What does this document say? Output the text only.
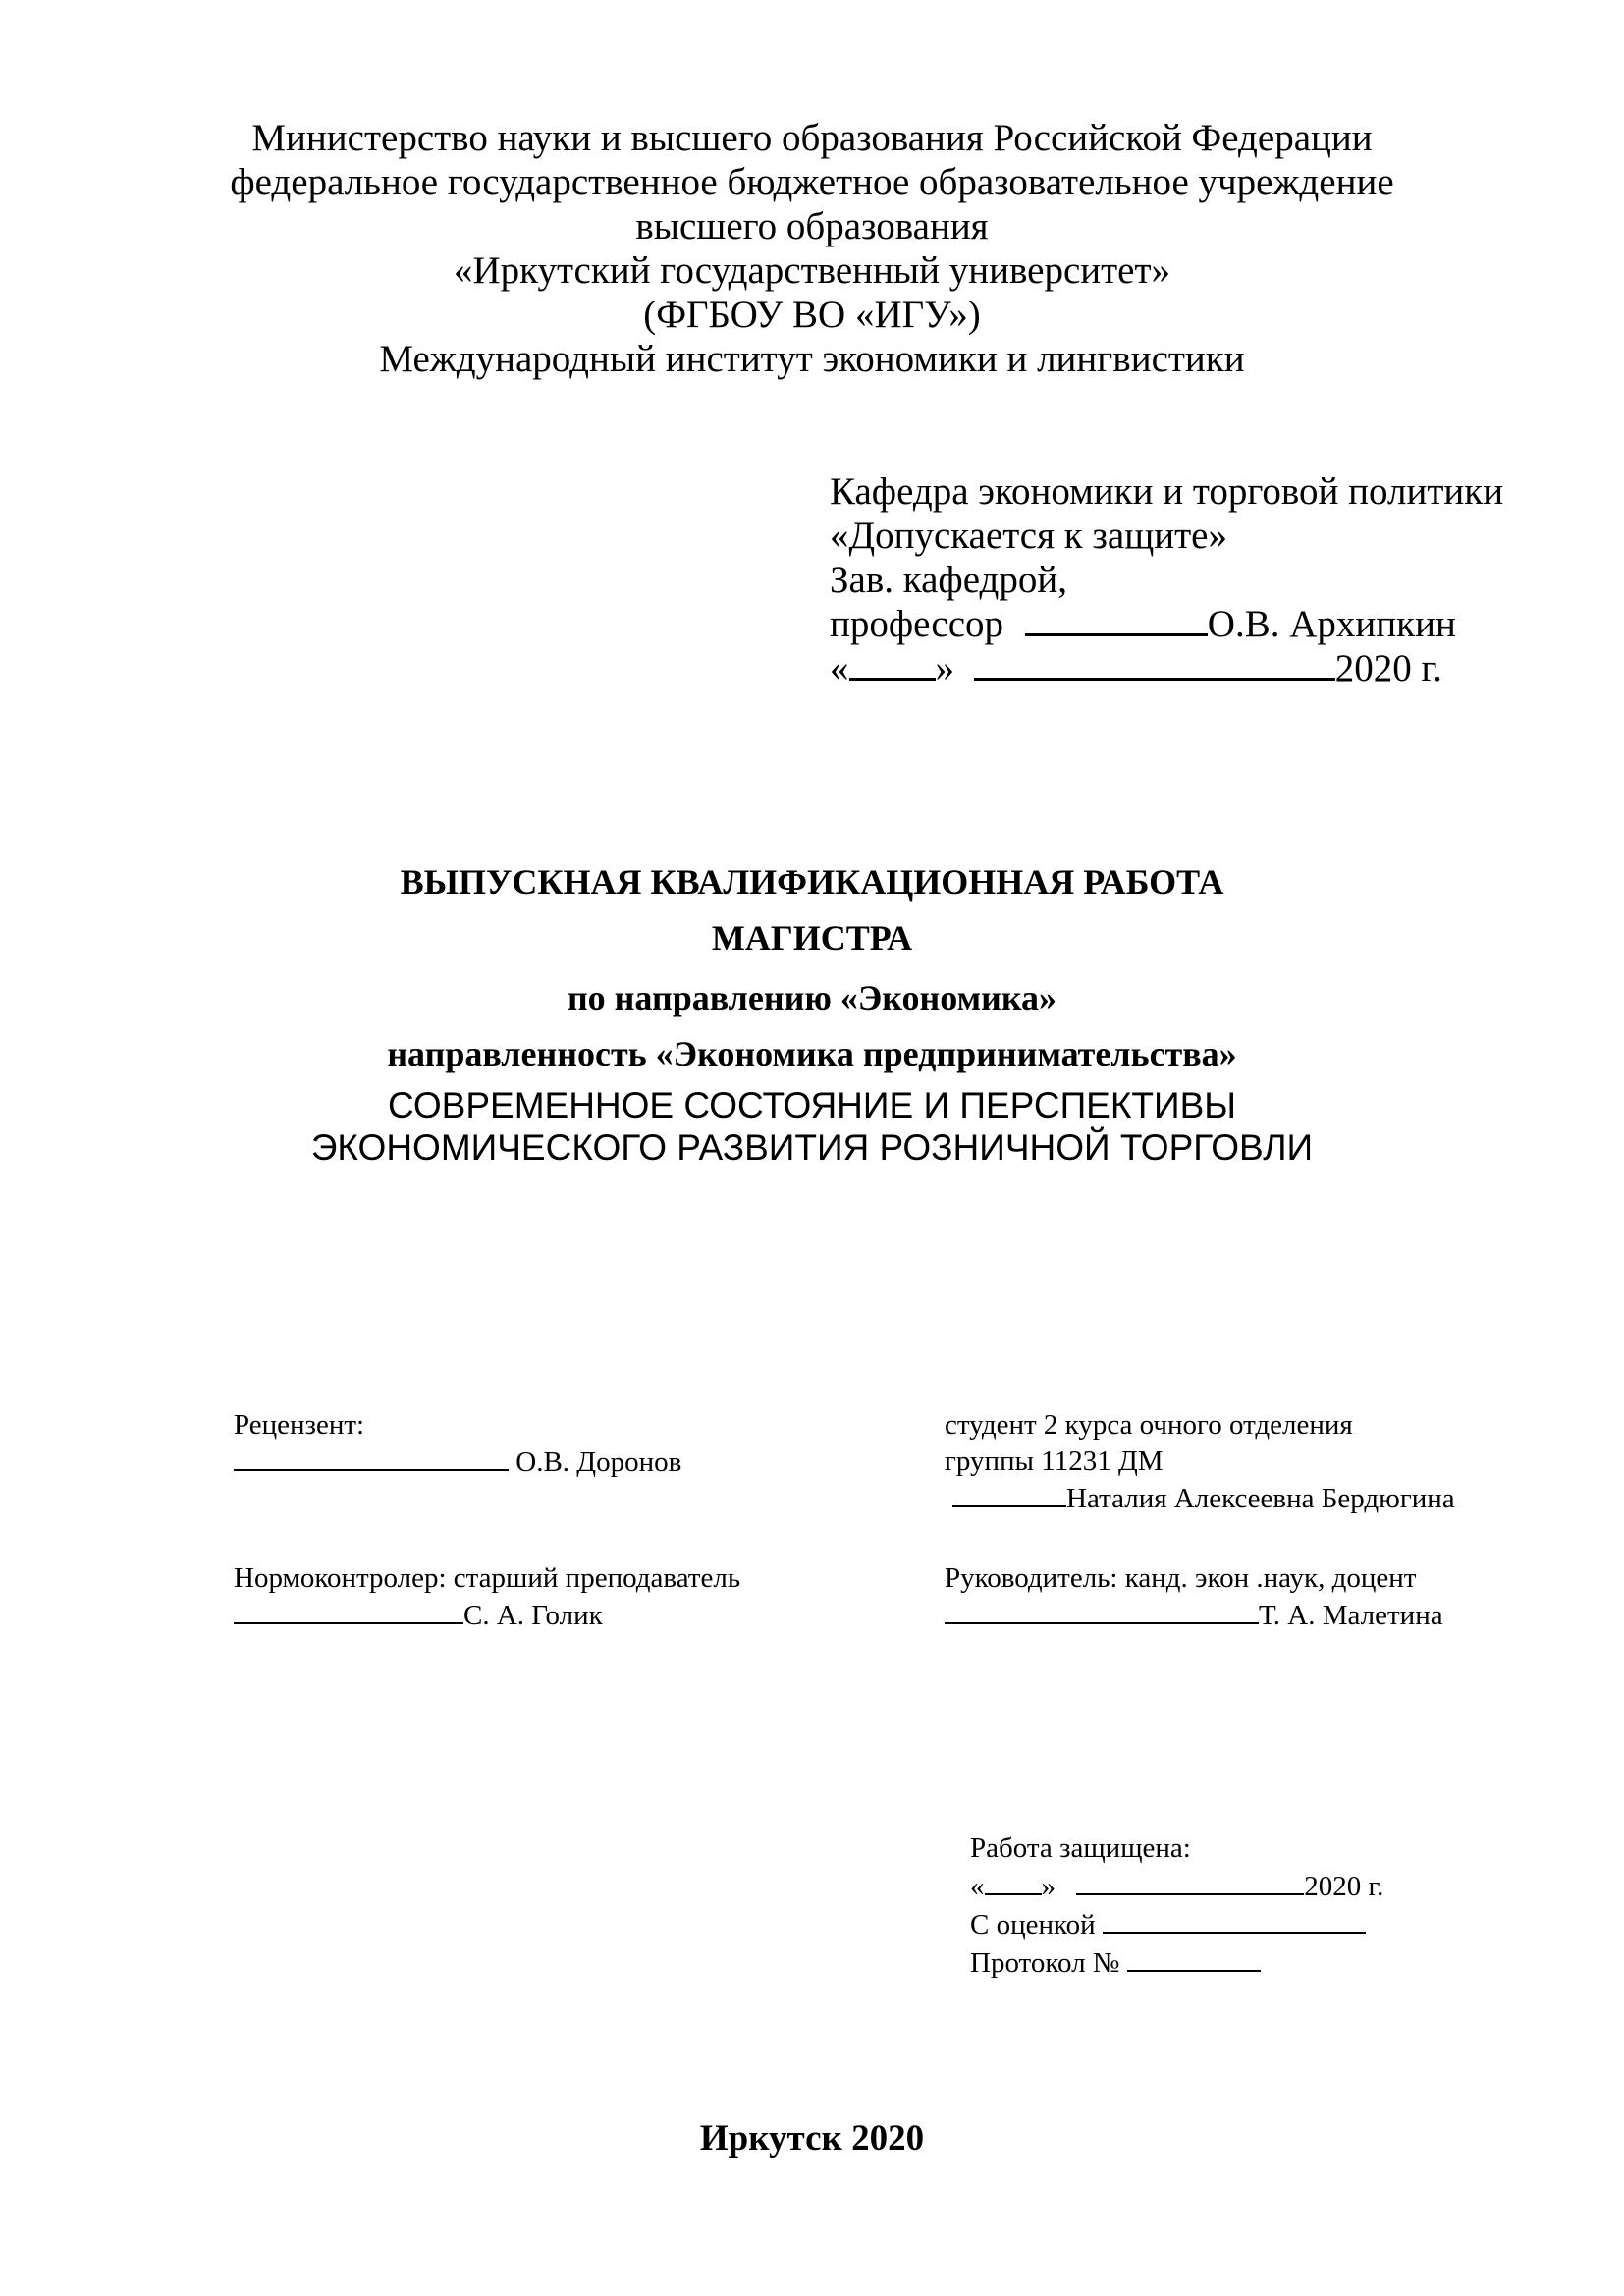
Министерство науки и высшего образования Российской Федерации
федеральное государственное бюджетное образовательное учреждение
высшего образования
«Иркутский государственный университет»
(ФГБОУ ВО «ИГУ»)
Международный институт экономики и лингвистики
Кафедра экономики и торговой политики
«Допускается к защите»
Зав. кафедрой,
профессор	О.В. Архипкин
« »	2020 г.
ВЫПУСКНАЯ КВАЛИФИКАЦИОННАЯ РАБОТА
МАГИСТРА
по направлению «Экономика»
направленность «Экономика предпринимательства»
СОВРЕМЕННОЕ СОСТОЯНИЕ И ПЕРСПЕКТИВЫ
ЭКОНОМИЧЕСКОГО РАЗВИТИЯ РОЗНИЧНОЙ ТОРГОВЛИ
Рецензент:
О.В. Доронов
студент 2 курса очного отделения
группы 11231 ДМ
Наталия Алексеевна Бердюгина
Нормоконтролер: старший преподаватель
С. А. Голик
Руководитель: канд. экон .наук, доцент
Т. А. Малетина
Работа защищена:
« »	2020 г.
С оценкой
Протокол №
Иркутск 2020
